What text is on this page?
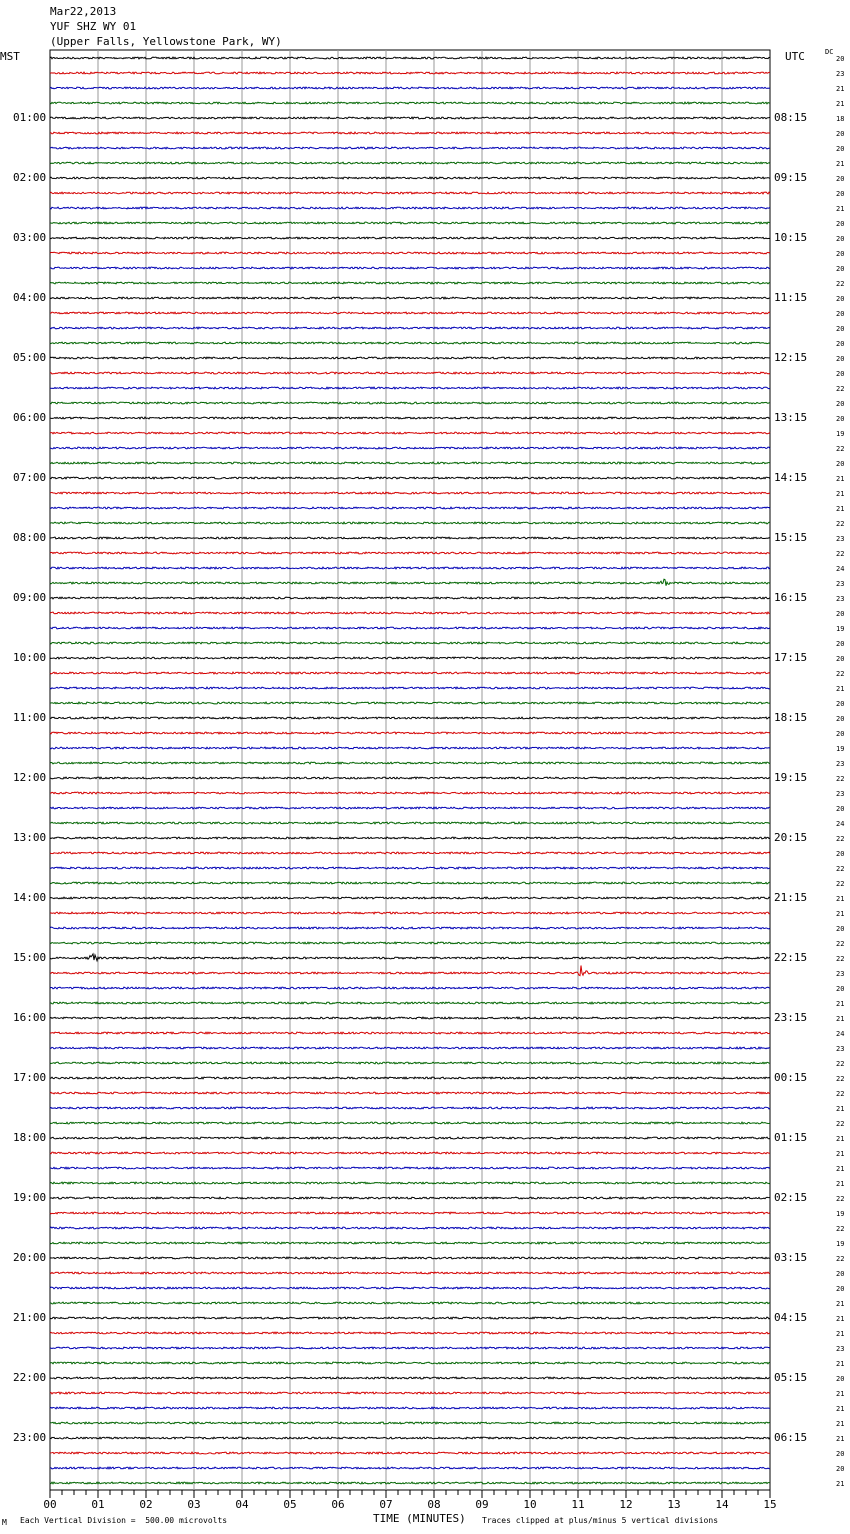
Mar22,2013
YUF SHZ WY 01
(Upper Falls, Yellowstone Park, WY)
MST	UTC	DC
20
23
21
21
18
20
20
21
20
20
21
20
20
20
20
22
20
20
20
20
20
20
22
20
20
19
22
20
21
21
21
22
23
22
24
23
23
20
19
20
20
22
21
20
20
20
19
23
22
23
20
24
22
20
22
22
21
21
20
22
22
23
20
21
21
24
23
22
22
22
21
22
21
21
21
21
22
19
22
19
22
20
20
21
21
21
23
21
20
21
21
21
21
20
20
21
00	01	02	03	04	05	06	07	08	09	10	11	12	13	14	15
01:00	08:15
02:00	09:15
03:00	10:15
04:00	11:15
05:00	12:15
06:00	13:15
07:00	14:15
08:00	15:15
09:00	16:15
10:00	17:15
11:00	18:15
12:00	19:15
13:00	20:15
14:00	21:15
15:00	22:15
16:00	23:15
17:00	00:15
18:00	01:15
19:00	02:15
20:00	03:15
21:00	04:15
22:00	05:15
23:00	06:15
M Each Vertical Division =  500.00 microvolts	TIME (MINUTES) Traces clipped at plus/minus 5 vertical divisions
